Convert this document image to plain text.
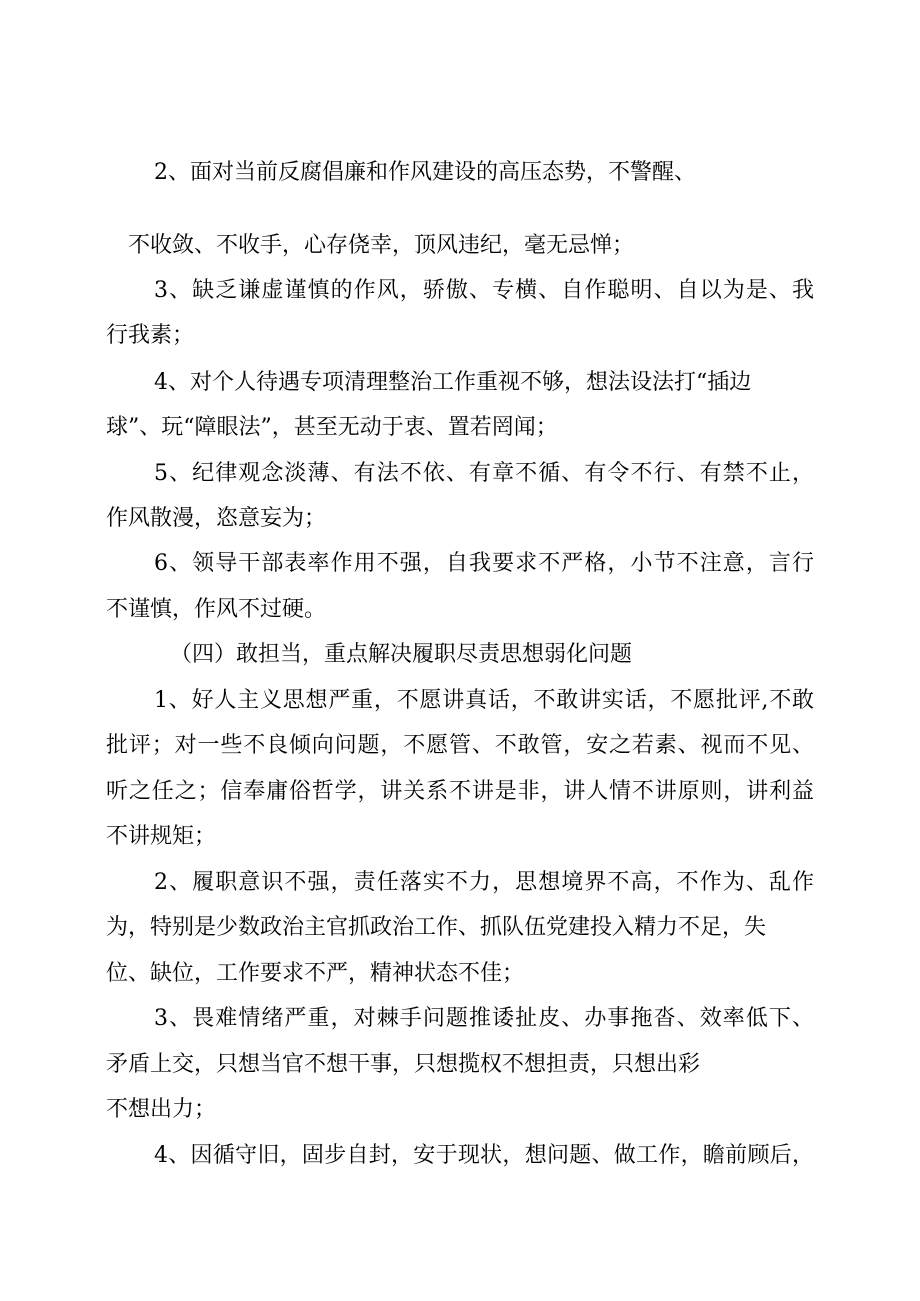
2、面对当前反腐倡廉和作风建设的高压态势，不警醒、

不收敛、不收手，心存侥幸，顶风违纪，毫无忌惮；

3、缺乏谦虚谨慎的作风，骄傲、专横、自作聪明、自以为是、我

行我素；

4、对个人待遇专项清理整治工作重视不够，想法设法打“插边

球”、玩“障眼法”，甚至无动于衷、置若罔闻；

5、纪律观念淡薄、有法不依、有章不循、有令不行、有禁不止，

作风散漫，恣意妄为；

6、领导干部表率作用不强，自我要求不严格，小节不注意，言行

不谨慎，作风不过硬。

（四）敢担当，重点解决履职尽责思想弱化问题

1、好人主义思想严重，不愿讲真话，不敢讲实话，不愿批评,不敢

批评；对一些不良倾向问题，不愿管、不敢管，安之若素、视而不见、

听之任之；信奉庸俗哲学，讲关系不讲是非，讲人情不讲原则，讲利益

不讲规矩；

2、履职意识不强，责任落实不力，思想境界不高，不作为、乱作

为，特别是少数政治主官抓政治工作、抓队伍党建投入精力不足，失

位、缺位，工作要求不严，精神状态不佳；

3、畏难情绪严重，对棘手问题推诿扯皮、办事拖沓、效率低下、

矛盾上交，只想当官不想干事，只想揽权不想担责，只想出彩

不想出力；

4、因循守旧，固步自封，安于现状，想问题、做工作，瞻前顾后，
